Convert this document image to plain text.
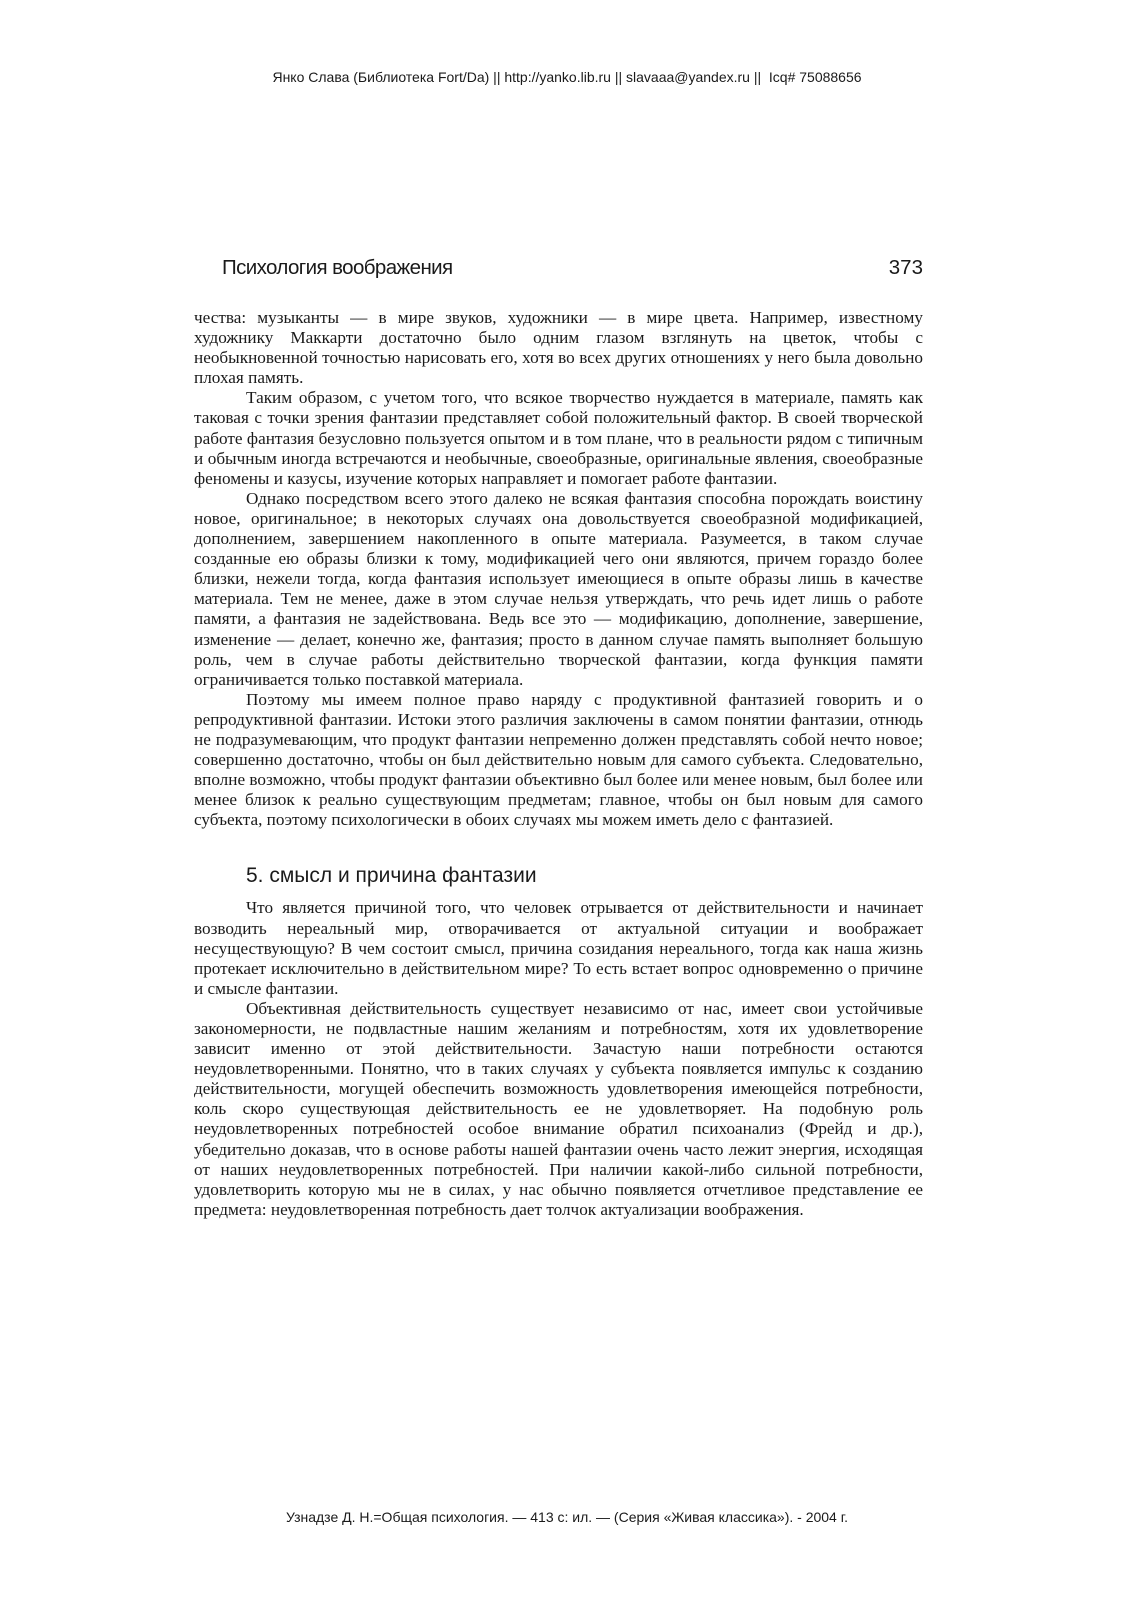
Янко Слава (Библиотека Fort/Da) || http://yanko.lib.ru || slavaaa@yandex.ru ||  Icq# 75088656
Психология воображения	373

чества: музыканты — в мире звуков, художники — в мире цвета. Например, известному художнику Маккарти достаточно было одним глазом взглянуть на цветок, чтобы с необыкновенной точностью нарисовать его, хотя во всех других отношениях у него была довольно плохая память.

Таким образом, с учетом того, что всякое творчество нуждается в материале, память как таковая с точки зрения фантазии представляет собой положительный фактор. В своей творческой работе фантазия безусловно пользуется опытом и в том плане, что в реальности рядом с типичным и обычным иногда встречаются и необычные, своеобразные, оригинальные явления, своеобразные феномены и казусы, изучение которых направляет и помогает работе фантазии.

Однако посредством всего этого далеко не всякая фантазия способна порождать воистину новое, оригинальное; в некоторых случаях она довольствуется своеобразной модификацией, дополнением, завершением накопленного в опыте материала. Разумеется, в таком случае созданные ею образы близки к тому, модификацией чего они являются, причем гораздо более близки, нежели тогда, когда фантазия использует имеющиеся в опыте образы лишь в качестве материала. Тем не менее, даже в этом случае нельзя утверждать, что речь идет лишь о работе памяти, а фантазия не задействована. Ведь все это — модификацию, дополнение, завершение, изменение — делает, конечно же, фантазия; просто в данном случае память выполняет большую роль, чем в случае работы действительно творческой фантазии, когда функция памяти ограничивается только поставкой материала.

Поэтому мы имеем полное право наряду с продуктивной фантазией говорить и о репродуктивной фантазии. Истоки этого различия заключены в самом понятии фантазии, отнюдь не подразумевающим, что продукт фантазии непременно должен представлять собой нечто новое; совершенно достаточно, чтобы он был действительно новым для самого субъекта. Следовательно, вполне возможно, чтобы продукт фантазии объективно был более или менее новым, был более или менее близок к реально существующим предметам; главное, чтобы он был новым для самого субъекта, поэтому психологически в обоих случаях мы можем иметь дело с фантазией.

5. смысл и причина фантазии

Что является причиной того, что человек отрывается от действительности и начинает возводить нереальный мир, отворачивается от актуальной ситуации и воображает несуществующую? В чем состоит смысл, причина созидания нереального, тогда как наша жизнь протекает исключительно в действительном мире? То есть встает вопрос одновременно о причине и смысле фантазии.

Объективная действительность существует независимо от нас, имеет свои устойчивые закономерности, не подвластные нашим желаниям и потребностям, хотя их удовлетворение зависит именно от этой действительности. Зачастую наши потребности остаются неудовлетворенными. Понятно, что в таких случаях у субъекта появляется импульс к созданию действительности, могущей обеспечить возможность удовлетворения имеющейся потребности, коль скоро существующая действительность ее не удовлетворяет. На подобную роль неудовлетворенных потребностей особое внимание обратил психоанализ (Фрейд и др.), убедительно доказав, что в основе работы нашей фантазии очень часто лежит энергия, исходящая от наших неудовлетворенных потребностей. При наличии какой-либо сильной потребности, удовлетворить которую мы не в силах, у нас обычно появляется отчетливое представление ее предмета: неудовлетворенная потребность дает толчок актуализации воображения.

Узнадзе Д. Н.=Общая психология. — 413 с: ил. — (Серия «Живая классика»). - 2004 г.
